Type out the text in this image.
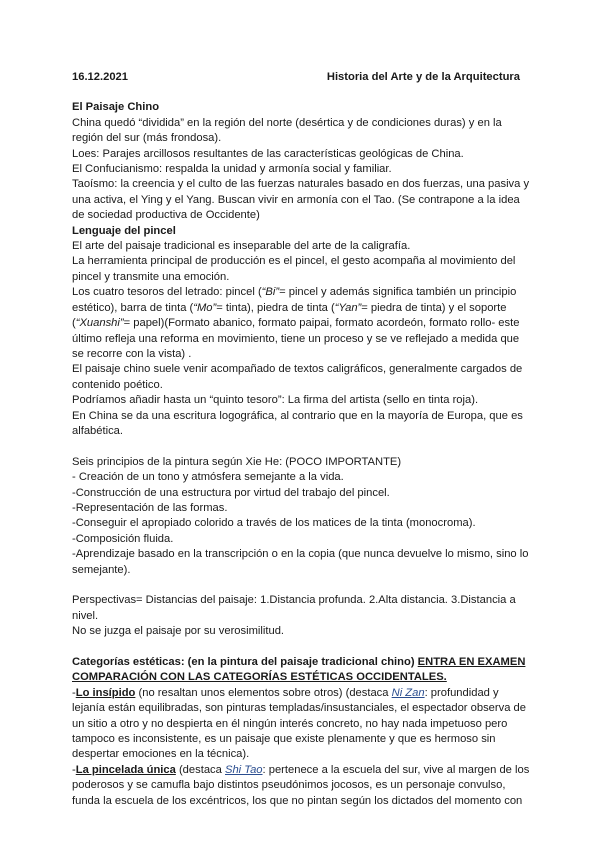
16.12.2021	Historia del Arte y de la Arquitectura

El Paisaje Chino

China quedó “dividida” en la región del norte (desértica y de condiciones duras) y en la región del sur (más frondosa).

Loes: Parajes arcillosos resultantes de las características geológicas de China.

El Confucianismo: respalda la unidad y armonía social y familiar.

Taoísmo: la creencia y el culto de las fuerzas naturales basado en dos fuerzas, una pasiva y una activa, el Ying y el Yang. Buscan vivir en armonía con el Tao. (Se contrapone a la idea de sociedad productiva de Occidente)

Lenguaje del pincel

El arte del paisaje tradicional es inseparable del arte de la caligrafía.

La herramienta principal de producción es el pincel, el gesto acompaña al movimiento del pincel y transmite una emoción.

Los cuatro tesoros del letrado: pincel (“Bi”= pincel y además significa también un principio estético), barra de tinta (“Mo”= tinta), piedra de tinta (“Yan”= piedra de tinta) y el soporte (“Xuanshi”= papel)(Formato abanico, formato paipai, formato acordeón, formato rollo- este último refleja una reforma en movimiento, tiene un proceso y se ve reflejado a medida que se recorre con la vista) .

El paisaje chino suele venir acompañado de textos caligráficos, generalmente cargados de contenido poético.

Podríamos añadir hasta un “quinto tesoro”: La firma del artista (sello en tinta roja).

En China se da una escritura logográfica, al contrario que en la mayoría de Europa, que es alfabética.

Seis principios de la pintura según Xie He: (POCO IMPORTANTE)

- Creación de un tono y atmósfera semejante a la vida.

-Construcción de una estructura por virtud del trabajo del pincel.

-Representación de las formas.

-Conseguir el apropiado colorido a través de los matices de la tinta (monocroma).

-Composición fluida.

-Aprendizaje basado en la transcripción o en la copia (que nunca devuelve lo mismo, sino lo semejante).

Perspectivas= Distancias del paisaje: 1.Distancia profunda. 2.Alta distancia. 3.Distancia a nivel.

No se juzga el paisaje por su verosimilitud.

Categorías estéticas: (en la pintura del paisaje tradicional chino) ENTRA EN EXAMEN COMPARACIÓN CON LAS CATEGORÍAS ESTÉTICAS OCCIDENTALES.

-Lo insípido (no resaltan unos elementos sobre otros) (destaca Ni Zan: profundidad y lejanía están equilibradas, son pinturas templadas/insustanciales, el espectador observa de un sitio a otro y no despierta en él ningún interés concreto, no hay nada impetuoso pero tampoco es inconsistente, es un paisaje que existe plenamente y que es hermoso sin despertar emociones en la técnica).

-La pincelada única (destaca Shi Tao: pertenece a la escuela del sur, vive al margen de los poderosos y se camufla bajo distintos pseudónimos jocosos, es un personaje convulso, funda la escuela de los excéntricos, los que no pintan según los dictados del momento con
